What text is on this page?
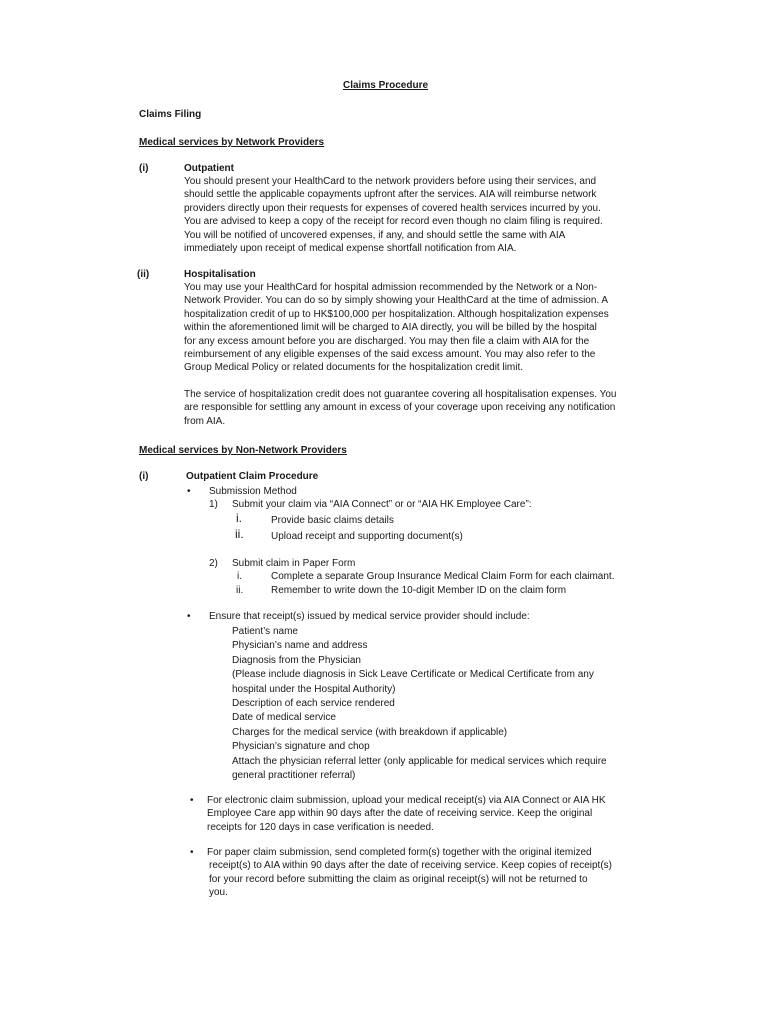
Claims Procedure
Claims Filing
Medical services by Network Providers
(i)	Outpatient
You should present your HealthCard to the network providers before using their services, and
should settle the applicable copayments upfront after the services. AIA will reimburse network
providers directly upon their requests for expenses of covered health services incurred by you.
You are advised to keep a copy of the receipt for record even though no claim filing is required.
You will be notified of uncovered expenses, if any, and should settle the same with AIA
immediately upon receipt of medical expense shortfall notification from AIA.
(ii)	Hospitalisation
You may use your HealthCard for hospital admission recommended by the Network or a Non-
Network Provider. You can do so by simply showing your HealthCard at the time of admission. A
hospitalization credit of up to HK$100,000 per hospitalization. Although hospitalization expenses
within the aforementioned limit will be charged to AIA directly, you will be billed by the hospital
for any excess amount before you are discharged. You may then file a claim with AIA for the
reimbursement of any eligible expenses of the said excess amount. You may also refer to the
Group Medical Policy or related documents for the hospitalization credit limit.
The service of hospitalization credit does not guarantee covering all hospitalisation expenses. You
are responsible for settling any amount in excess of your coverage upon receiving any notification
from AIA.
Medical services by Non-Network Providers
(i)	Outpatient Claim Procedure
• Submission Method
1) Submit your claim via “AIA Connect” or or “AIA HK Employee Care”:
i.	Provide basic claims details
ii.	Upload receipt and supporting document(s)
2) Submit claim in Paper Form
i.	Complete a separate Group Insurance Medical Claim Form for each claimant.
ii.	Remember to write down the 10-digit Member ID on the claim form
• Ensure that receipt(s) issued by medical service provider should include:
Patient’s name
Physician’s name and address
Diagnosis from the Physician
(Please include diagnosis in Sick Leave Certificate or Medical Certificate from any
hospital under the Hospital Authority)
Description of each service rendered
Date of medical service
Charges for the medical service (with breakdown if applicable)
Physician’s signature and chop
Attach the physician referral letter (only applicable for medical services which require
general practitioner referral)
• For electronic claim submission, upload your medical receipt(s) via AIA Connect or AIA HK
Employee Care app within 90 days after the date of receiving service. Keep the original
receipts for 120 days in case verification is needed.
• For paper claim submission, send completed form(s) together with the original itemized
receipt(s) to AIA within 90 days after the date of receiving service. Keep copies of receipt(s)
for your record before submitting the claim as original receipt(s) will not be returned to
you.
